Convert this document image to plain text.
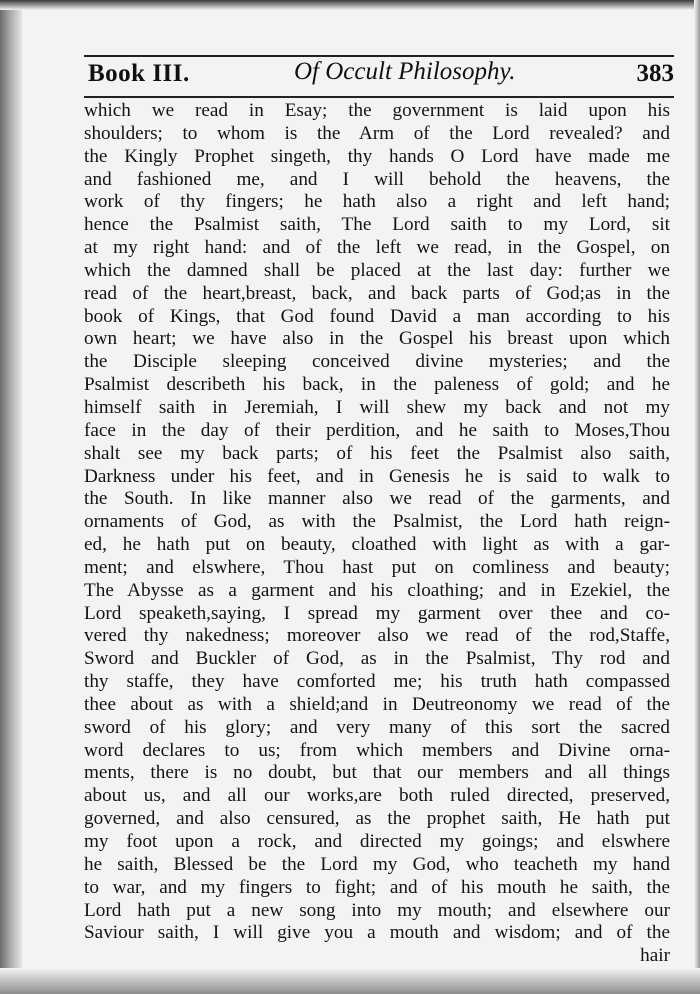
Book III.	Of Occult Philosophy.	383
which we read in Esay; the government is laid upon his
shoulders; to whom is the Arm of the Lord revealed? and
the Kingly Prophet singeth, thy hands O Lord have made me
and fashioned me, and I will behold the heavens, the
work of thy fingers; he hath also a right and left hand;
hence the Psalmist saith, The Lord saith to my Lord, sit
at my right hand: and of the left we read, in the Gospel, on
which the damned shall be placed at the last day: further we
read of the heart,breast, back, and back parts of God;as in the
book of Kings, that God found David a man according to his
own heart; we have also in the Gospel his breast upon which
the Disciple sleeping conceived divine mysteries; and the
Psalmist describeth his back, in the paleness of gold; and he
himself saith in Jeremiah, I will shew my back and not my
face in the day of their perdition, and he saith to Moses,Thou
shalt see my back parts; of his feet the Psalmist also saith,
Darkness under his feet, and in Genesis he is said to walk to
the South. In like manner also we read of the garments, and
ornaments of God, as with the Psalmist, the Lord hath reign-
ed, he hath put on beauty, cloathed with light as with a gar-
ment; and elswhere, Thou hast put on comliness and beauty;
The Abysse as a garment and his cloathing; and in Ezekiel, the
Lord speaketh,saying, I spread my garment over thee and co-
vered thy nakedness; moreover also we read of the rod,Staffe,
Sword and Buckler of God, as in the Psalmist, Thy rod and
thy staffe, they have comforted me; his truth hath compassed
thee about as with a shield;and in Deutreonomy we read of the
sword of his glory; and very many of this sort the sacred
word declares to us; from which members and Divine orna-
ments, there is no doubt, but that our members and all things
about us, and all our works,are both ruled directed, preserved,
governed, and also censured, as the prophet saith, He hath put
my foot upon a rock, and directed my goings; and elswhere
he saith, Blessed be the Lord my God, who teacheth my hand
to war, and my fingers to fight; and of his mouth he saith, the
Lord hath put a new song into my mouth; and elsewhere our
Saviour saith, I will give you a mouth and wisdom; and of the
hair
